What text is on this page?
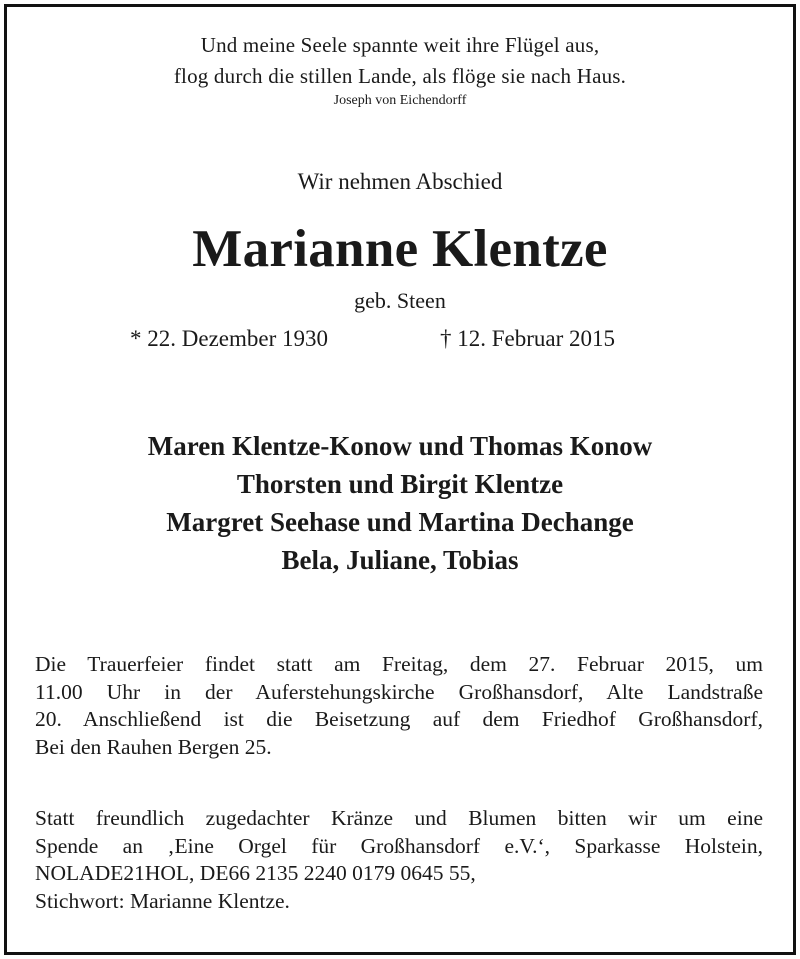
Und meine Seele spannte weit ihre Flügel aus,
flog durch die stillen Lande, als flöge sie nach Haus.
Joseph von Eichendorff
Wir nehmen Abschied
Marianne Klentze
geb. Steen
* 22. Dezember 1930	† 12. Februar 2015
Maren Klentze-Konow und Thomas Konow
Thorsten und Birgit Klentze
Margret Seehase und Martina Dechange
Bela, Juliane, Tobias
Die Trauerfeier findet statt am Freitag, dem 27. Februar 2015, um
11.00 Uhr in der Auferstehungskirche Großhansdorf, Alte Landstraße
20. Anschließend ist die Beisetzung auf dem Friedhof Großhansdorf,
Bei den Rauhen Bergen 25.
Statt freundlich zugedachter Kränze und Blumen bitten wir um eine
Spende an ‚Eine Orgel für Großhansdorf e.V.‘, Sparkasse Holstein,
NOLADE21HOL, DE66 2135 2240 0179 0645 55,
Stichwort: Marianne Klentze.
